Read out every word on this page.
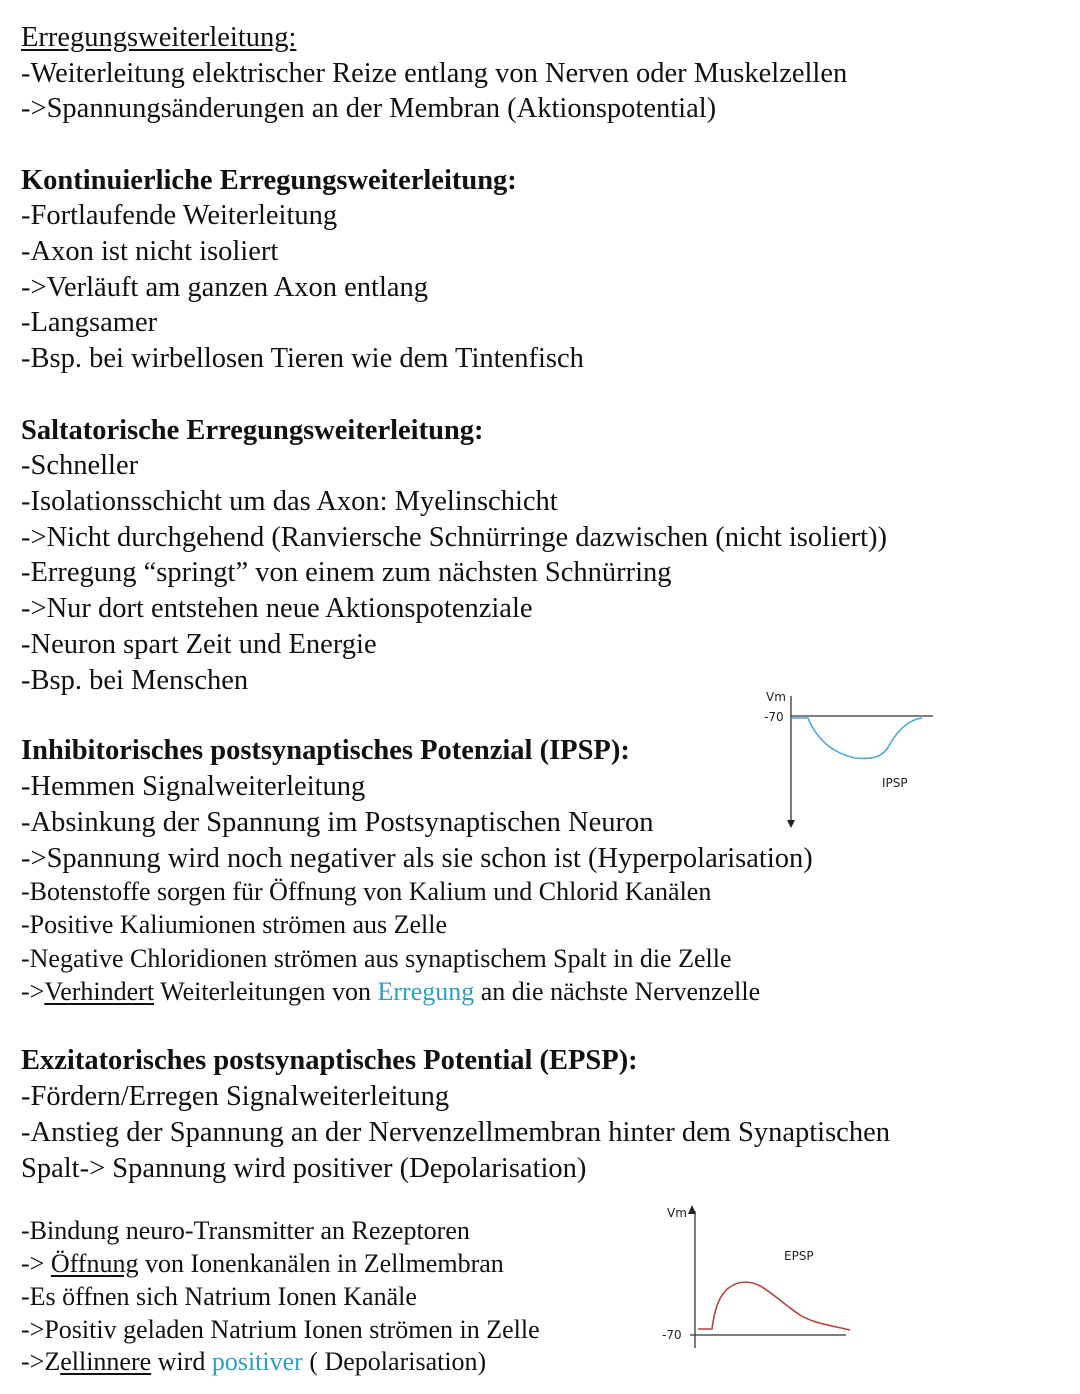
Erregungsweiterleitung:
-Weiterleitung elektrischer Reize entlang von Nerven oder Muskelzellen
->Spannungsänderungen an der Membran (Aktionspotential)
Kontinuierliche Erregungsweiterleitung:
-Fortlaufende Weiterleitung
-Axon ist nicht isoliert
->Verläuft am ganzen Axon entlang
-Langsamer
-Bsp. bei wirbellosen Tieren wie dem Tintenfisch
Saltatorische Erregungsweiterleitung:
-Schneller
-Isolationsschicht um das Axon: Myelinschicht
->Nicht durchgehend (Ranviersche Schnürringe dazwischen (nicht isoliert))
-Erregung “springt” von einem zum nächsten Schnürring
->Nur dort entstehen neue Aktionspotenziale
-Neuron spart Zeit und Energie
-Bsp. bei Menschen
Inhibitorisches postsynaptisches Potenzial (IPSP):
-Hemmen Signalweiterleitung
-Absinkung der Spannung im Postsynaptischen Neuron
->Spannung wird noch negativer als sie schon ist (Hyperpolarisation)
-Botenstoffe sorgen für Öffnung von Kalium und Chlorid Kanälen
-Positive Kaliumionen strömen aus Zelle
-Negative Chloridionen strömen aus synaptischem Spalt in die Zelle
->Verhindert Weiterleitungen von Erregung an die nächste Nervenzelle
Vm
-70
IPSP
Exzitatorisches postsynaptisches Potential (EPSP):
-Fördern/Erregen Signalweiterleitung
-Anstieg der Spannung an der Nervenzellmembran hinter dem Synaptischen
Spalt-> Spannung wird positiver (Depolarisation)
-Bindung neuro-Transmitter an Rezeptoren
-> Öffnung von Ionenkanälen in Zellmembran
-Es öffnen sich Natrium Ionen Kanäle
->Positiv geladen Natrium Ionen strömen in Zelle
->Zellinnere wird positiver ( Depolarisation)
Vm
-70
EPSP
